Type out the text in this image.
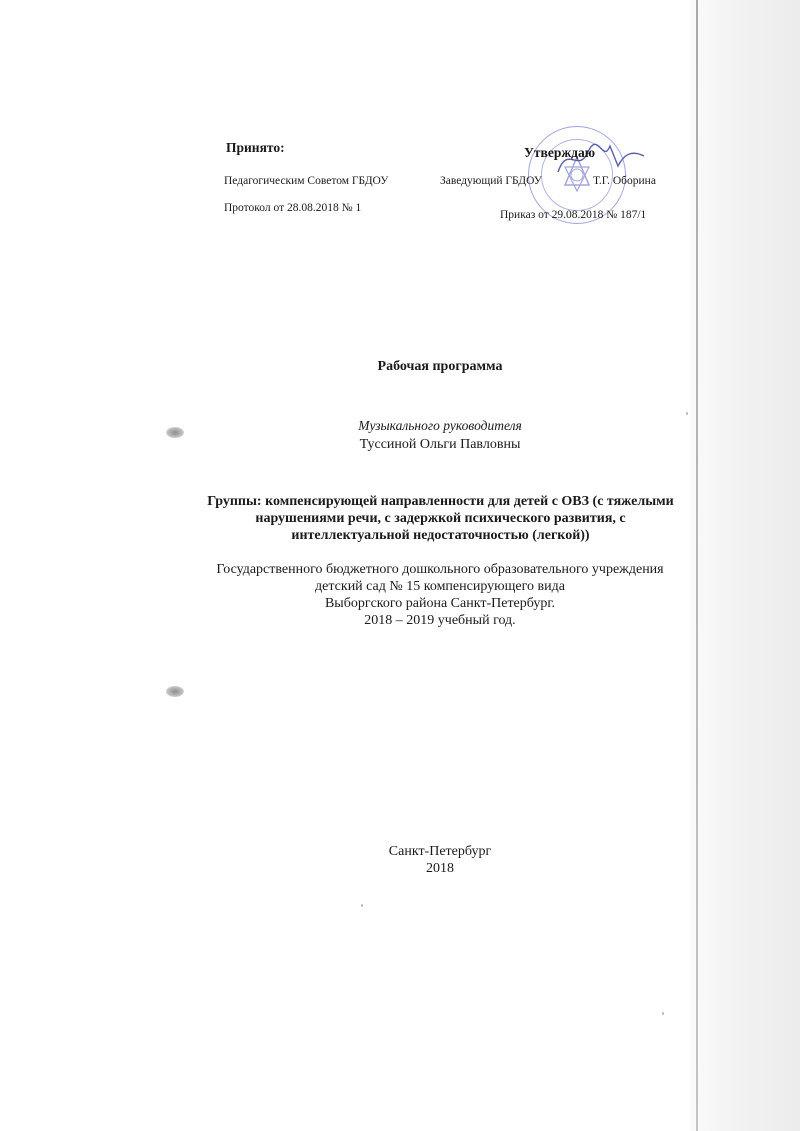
Принято:
Педагогическим Советом ГБДОУ
Протокол от 28.08.2018 № 1
Утверждаю
Заведующий ГБДОУ	Т.Г. Оборина
Приказ от 29.08.2018 № 187/1
Рабочая программа
Музыкального руководителя
Туссиной Ольги Павловны
Группы: компенсирующей направленности для детей с ОВЗ (с тяжелыми
нарушениями речи, с задержкой психического развития, с
интеллектуальной недостаточностью (легкой))
Государственного бюджетного дошкольного образовательного учреждения
детский сад № 15 компенсирующего вида
Выборгского района Санкт-Петербург.
2018 – 2019 учебный год.
Санкт-Петербург
2018
